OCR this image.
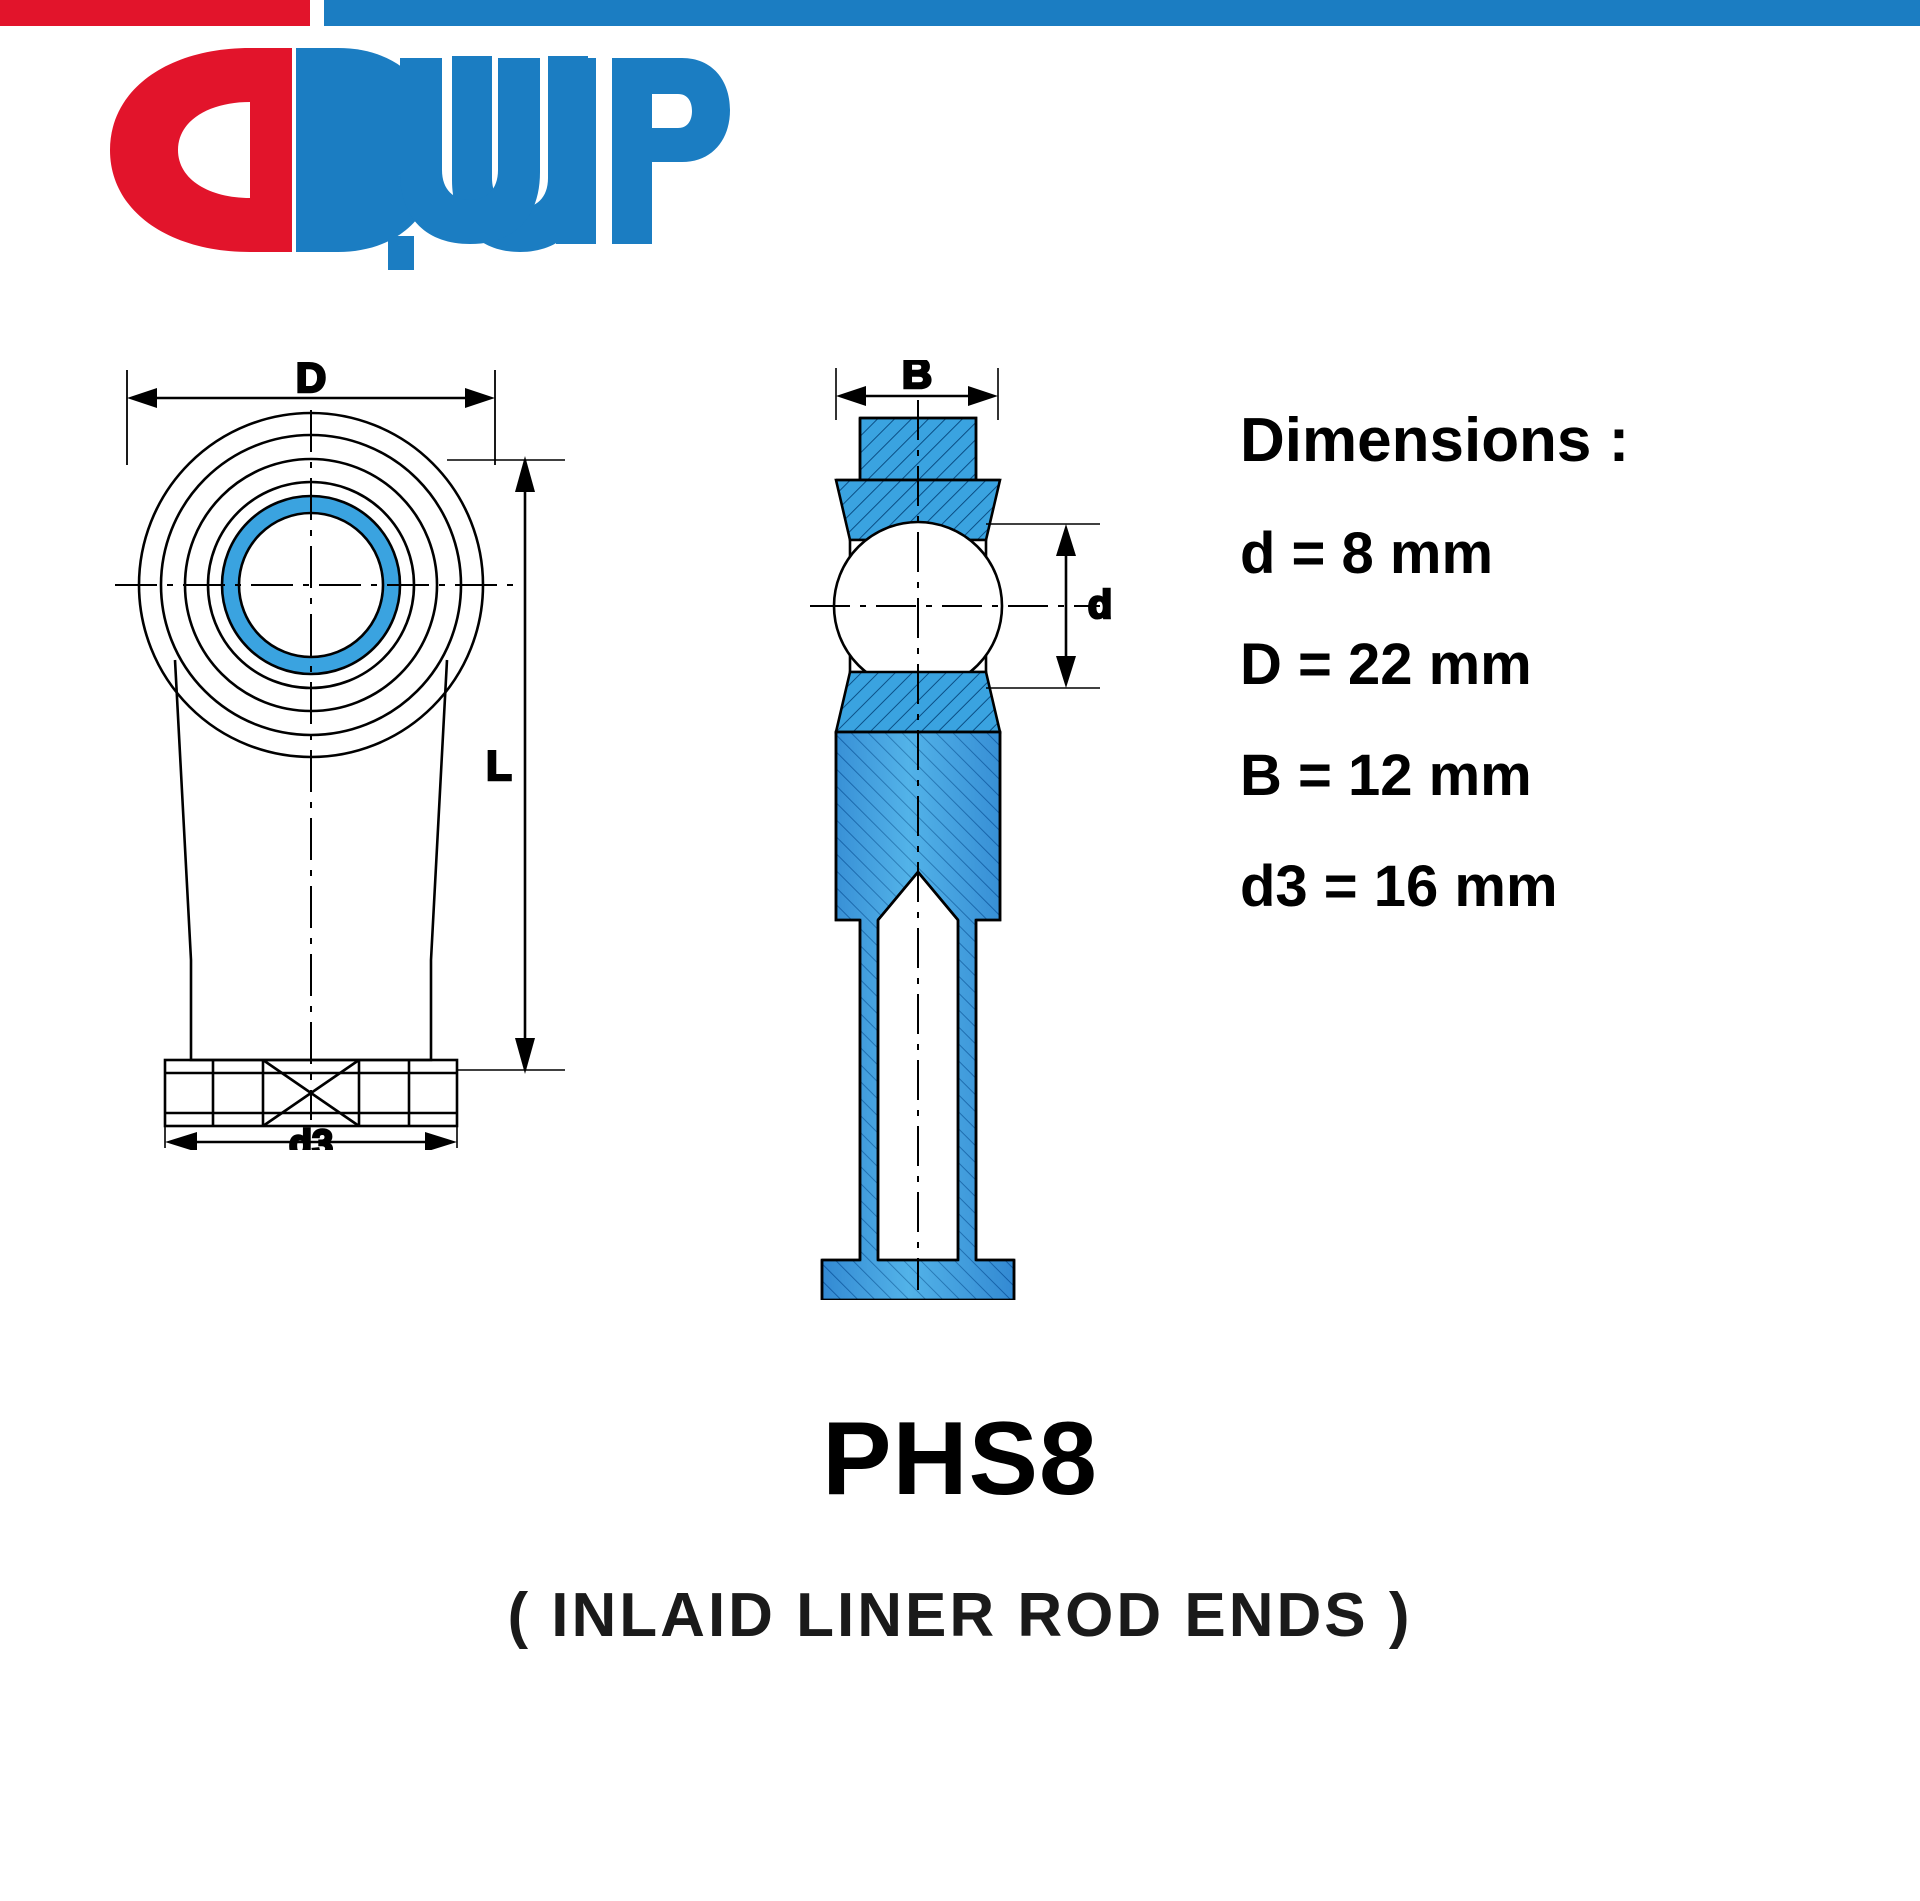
D
L
d3
B
d
Dimensions :
d = 8 mm
D = 22 mm
B = 12 mm
d3 = 16 mm
PHS8
( INLAID LINER ROD ENDS )
